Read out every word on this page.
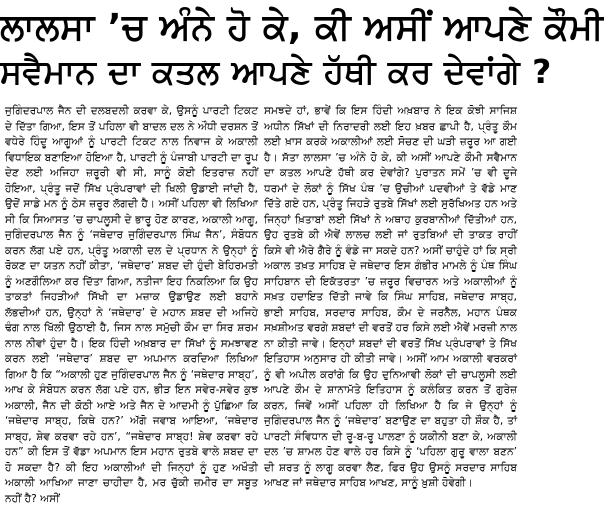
ਲਾਲਸਾ ’ਚ ਅੰਨੇ ਹੋ ਕੇ, ਕੀ ਅਸੀਂ ਆਪਣੇ ਕੌਮੀ
ਸਵੈਮਾਨ ਦਾ ਕਤਲ ਆਪਣੇ ਹੱਥੀ ਕਰ ਦੇਵਾਂਗੇ ?

ਜੁਗਿੰਦਰਪਾਲ ਜੈਨ ਦੀ ਦਲਬਦਲੀ ਕਰਵਾ ਕੇ, ਉਸਨੂੰ ਪਾਰਟੀ ਟਿਕਟ ਦੇ ਦਿੱਤਾ ਗਿਆ, ਇਸ ਤੋਂ ਪਹਿਲਾ ਵੀ ਬਾਦਲ ਦਲ ਨੇ ਔਧੀ ਦਰਸ਼ਨ ਤੋਂ ਵਧੇਰੇ ਹਿੰਦੂ ਆਗੂਆਂ ਨੂੰ ਪਾਰਟੀ ਟਿਕਟ ਨਾਲ ਨਿਵਾਜ ਕੇ ਅਕਾਲੀ ਵਿਧਾਇਕ ਬਣਾਇਆ ਹੋਇਆ ਹੈ, ਪਾਰਟੀ ਨੂੰ ਪੰਜਾਬੀ ਪਾਰਟੀ ਦਾ ਰੂਪ ਦੇਣ ਲਈ ਅਜਿਹਾ ਜ਼ਰੂਰੀ ਵੀ ਸੀ, ਸਾਨੂੰ ਕੋਈ ਇਤਰਾਜ਼ ਨਹੀਂ ਹੋਇਆ, ਪ੍ਰੰਤੂ ਜਦੋਂ ਸਿੱਖ ਪ੍ਰੰਪਰਾਵਾਂ ਦੀ ਖਿਲੀ ਉਡਾਈ ਜਾਂਦੀ ਹੈ, ਉਦੋਂ ਸਾਡੇ ਮਨ ਨੂੰ ਠੇਸ ਜ਼ਰੂਰ ਲੱਗਦੀ ਹੈ। ਅਸੀਂ ਪਹਿਲਾ ਵੀ ਲਿਖਿਆ ਸੀ ਕਿ ਸਿਆਸਤ ’ਚ ਚਾਪਲੂਸੀ ਦੇ ਭਾਰੂ ਹੋਣ ਕਾਰਣ, ਅਕਾਲੀ ਆਗੂ, ਜੁਗਿੰਦਰਪਾਲ ਜੈਨ ਨੂੰ ‘ਜਥੇਦਾਰ ਜੁਗਿੰਦਰਪਾਲ ਸਿੰਘ ਜੈਨ’, ਸੰਬੋਧਨ ਕਰਨ ਲੱਗ ਪਏ ਹਨ, ਪ੍ਰੰਤੂ ਅਕਾਲੀ ਦਲ ਦੇ ਪ੍ਰਧਾਨ ਨੇ ਉਨ੍ਹਾਂ ਨੂੰ ਰੋਕਣ ਦਾ ਯਤਨ ਨਹੀਂ ਕੀਤਾ, ‘ਜਥੇਦਾਰ’ ਸ਼ਬਦ ਦੀ ਹੁੰਦੀ ਬੇਹਿਰਮਤੀ ਨੂੰ ਅਣਗੌਲਿਆ ਕਰ ਦਿੱਤਾ ਗਿਆ, ਨਤੀਜਾ ਇਹ ਨਿਕਲਿਆ ਕਿ ਉਹ ਤਾਕਤਾਂ ਜਿਹੜੀਆਂ ਸਿੱਖੀ ਦਾ ਮਜ਼ਾਕ ਉਡਾਉਣ ਲਈ ਬਹਾਨੇ ਲੱਭਦੀਆਂ ਹਨ, ਉਨ੍ਹਾਂ ਨੇ ‘ਜਥੇਦਾਰ’ ਦੇ ਮਹਾਨ ਸ਼ਬਦ ਦੀ ਅਜਿਹੇ ਢੰਗ ਨਾਲ ਖਿੱਲੀ ਉਠਾਈ ਹੈ, ਜਿਸ ਨਾਲ ਸਮੁੱਚੀ ਕੌਮ ਦਾ ਸਿਰ ਸ਼ਰਮ ਨਾਲ ਨੀਵਾਂ ਹੁੰਦਾ ਹੈ। ਇਕ ਹਿੰਦੀ ਅਖ਼ਬਾਰ ਦਾ ਸਿੱਖਾਂ ਨੂੰ ਸਮਝਾਵਣ ਕਰਨ ਲਈ ‘ਜਥੇਦਾਰ’ ਸ਼ਬਦ ਦਾ ਅਪਮਾਨ ਕਰਦਿਆ ਲਿਖਿਆ ਗਿਆ ਹੈ ਕਿ “ਅਕਾਲੀ ਹੁਣ ਜੁਗਿੰਦਰਪਾਲ ਜੈਨ ਨੂੰ ‘ਜਥੇਦਾਰ ਸਾਬ੍ਹ’, ਆਖ ਕੇ ਸੰਬੋਧਨ ਕਰਨ ਲੱਗ ਪਏ ਹਨ, ਭੀੜ ਇਨ ਸਵੇਰ-ਸਵੇਰ ਕੁਝ ਅਕਾਲੀ, ਜੈਨ ਦੀ ਕੋਠੀ ਆਏ ਅਤੇ ਜੈਨ ਦੇ ਆਦਮੀ ਨੂੰ ਪੁੱਛਿਆ ਕਿ ‘ਜਥੇਦਾਰ ਸਾਬ੍ਹ, ਕਿਥੇ ਹਨ?’ ਅੱਗੋ ਜਵਾਬ ਆਇਆ, ‘ਜਥੇਦਾਰ ਸਾਬ੍ਹ, ਸ਼ੇਵ ਕਰਵਾ ਰਹੇ ਹਨ’, “ਜਥੇਦਾਰ ਸਾਬ੍ਹ! ਸ਼ੇਵ ਕਰਵਾ ਰਹੇ ਹਨ” ਕੀ ਇਸ ਤੋਂ ਵੱਡਾ ਅਪਮਾਨ ਇਸ ਮਹਾਨ ਰੁਤਬੇ ਵਾਲੇ ਸ਼ਬਦ ਦਾ ਹੋ ਸਕਦਾ ਹੈ? ਕੀ ਇਹ ਅਕਾਲੀਆਂ ਦੀ ਜਿਨ੍ਹਾਂ ਨੂੰ ਹੁਣ ਅਖੌਤੀ ਅਕਾਲੀ ਆਖਿਆ ਜਾਣਾ ਚਾਹੀਦਾ ਹੈ, ਮਰ ਚੁੱਕੀ ਜ਼ਮੀਰ ਦਾ ਸਬੂਤ ਨਹੀਂ ਹੈ? ਅਸੀਂ

ਸਮਝਦੇ ਹਾਂ, ਭਾਵੇਂ ਕਿ ਇਸ ਹਿੰਦੀ ਅਖ਼ਬਾਰ ਨੇ ਇਕ ਕੋਝੀ ਸਾਜਿਸ਼ ਅਧੀਨ ਸਿੱਖਾਂ ਦੀ ਨਿਰਾਦਰੀ ਲਈ ਇਹ ਖ਼ਬਰ ਛਾਪੀ ਹੈ, ਪ੍ਰੰਤੂ ਕੌਮ ਲਈ ਖ਼ਾਸ ਕਰਕੇ ਅਕਾਲੀਆਂ ਲਈ ਸੋਚਣ ਦੀ ਘੜੀ ਜ਼ਰੂਰ ਆ ਗਈ ਹੈ। ਸੱਤਾ ਲਾਲਸਾ ’ਚ ਅੰਨੇ ਹੋ ਕੇ, ਕੀ ਅਸੀਂ ਆਪਣੇ ਕੌਮੀ ਸਵੈਮਾਨ ਦਾ ਕਤਲ ਆਪਣੇ ਹੱਥੀ ਕਰ ਦੇਵਾਂਗੇ? ਪੁਰਾਤਨ ਸਮੇਂ ’ਚ ਵੀ ਦੂਜੇ ਧਰਮਾਂ ਦੇ ਲੋਕਾਂ ਨੂੰ ਸਿੱਖ ਪੰਥ ’ਚ ਉਚੀਆਂ ਪਦਵੀਆਂ ਤੇ ਵੱਡੇ ਮਾਣ ਦਿੱਤੇ ਗਏ ਹਨ, ਪ੍ਰੰਤੂ ਜਿਹੜੇ ਰੁਤਬੇ ਸਿੱਖਾਂ ਲਈ ਸੁਰੱਖਿਅਤ ਹਨ ਅਤੇ ਜਿਨ੍ਹਾਂ ਖ਼ਿਤਾਬਾਂ ਲਈ ਸਿੱਖਾਂ ਨੇ ਅਥਾਹ ਕੁਰਬਾਨੀਆਂ ਦਿੱਤੀਆਂ ਹਨ, ਉਹ ਰੁਤਬੇ ਕੀ ਐਵੇਂ ਲਾਲਚ ਲਈ ਜਾਂ ਰੁਤਬਿਆਂ ਦੀ ਤਾਕਤ ਰਾਹੀਂ ਕਿਸੇ ਵੀ ਐਰੇ ਗੈਰੇ ਨੂੰ ਵੰਡੇ ਜਾ ਸਕਦੇ ਹਨ? ਅਸੀਂ ਚਾਹੁੰਦੇ ਹਾਂ ਕਿ ਸ੍ਰੀ ਅਕਾਲ ਤਖ਼ਤ ਸਾਹਿਬ ਦੇ ਜਥੇਦਾਰ ਇਸ ਗੰਭੀਰ ਮਾਮਲੇ ਨੂੰ ਪੰਥ ਸਿੰਘ ਸਾਹਿਬਾਨ ਦੀ ਇਕੱਤਰਤਾ ’ਚ ਜ਼ਰੂਰ ਵਿਚਾਰਨ ਅਤੇ ਅਕਾਲੀਆਂ ਨੂੰ ਸਖ਼ਤ ਹਦਾਇਤ ਦਿੱਤੀ ਜਾਵੇ ਕਿ ਸਿੰਘ ਸਾਹਿਬ, ਜਥੇਦਾਰ ਸਾਬ੍ਹ, ਭਾਈ ਸਾਹਿਬ, ਸਰਦਾਰ ਸਾਹਿਬ, ਕੌਮ ਦੇ ਜਰਨੈਲ, ਮਹਾਨ ਪੰਥਕ ਸਖ਼ਸ਼ੀਅਤ ਵਰਗੇ ਸ਼ਬਦਾਂ ਦੀ ਵਰਤੋਂ ਹਰ ਕਿਸੇ ਲਈ ਐਵੇਂ ਮਰਜ਼ੀ ਨਾਲ ਨਾ ਕੀਤੀ ਜਾਵੇ। ਇਨ੍ਹਾਂ ਸ਼ਬਦਾਂ ਦੀ ਵਰਤੋਂ ਸਿੱਖ ਪ੍ਰੰਪਰਾਵਾਂ ਤੇ ਸਿੱਖ ਇਤਿਹਾਸ ਅਨੁਸਾਰ ਹੀ ਕੀਤੀ ਜਾਵੇ। ਅਸੀਂ ਆਮ ਅਕਾਲੀ ਵਰਕਰਾਂ ਨੂੰ ਵੀ ਅਪੀਲ ਕਰਾਂਗੇ ਕਿ ਉਹ ਦੁਨਿਆਵੀ ਲੋਕਾਂ ਦੀ ਚਾਪਲੂਸੀ ਲਈ ਆਪਣੇ ਕੌਮ ਦੇ ਸ਼ਾਨਾਮੱਤੇ ਇਤਿਹਾਸ ਨੂੰ ਕਲੰਕਿਤ ਕਰਨ ਤੋਂ ਗੁਰੇਜ਼ ਕਰਨ, ਜਿਵੇਂ ਅਸੀਂ ਪਹਿਲਾ ਹੀ ਲਿਖਿਆ ਹੈ ਕਿ ਜੇ ਉਨ੍ਹਾਂ ਨੂੰ ਜੁਗਿੰਦਰਪਾਲ ਜੈਨ ਨੂੰ ‘ਜਥੇਦਾਰ’ ਬਣਾਉਣ ਦਾ ਬਹੁਤਾ ਹੀ ਸ਼ੌਕ ਹੈ, ਤਾਂ ਪਾਰਟੀ ਸੰਵਿਧਾਨ ਦੀ ਰੂ-ਬ-ਰੂ ਪਾਲਣਾ ਨੂੰ ਯਕੀਨੀ ਬਣਾ ਕੇ, ਅਕਾਲੀ ਦਲ ’ਚ ਸ਼ਾਮਲ ਹੋਣ ਵਾਲੇ ਹਰ ਕਿਸੇ ਨੂੰ ‘ਪਹਿਲਾ ਗੁਰੂ ਵਾਲਾ ਬਣਨ’ ਦੀ ਸ਼ਰਤ ਨੂੰ ਲਾਗੂ ਕਰਵਾ ਲੈਣ, ਫਿਰ ਉਹ ਉਸਨੂੰ ਸਰਦਾਰ ਸਾਹਿਬ ਆਖਣ ਜਾਂ ਜਥੇਦਾਰ ਸਾਹਿਬ ਆਖਣ, ਸਾਨੂੰ ਖ਼ੁਸ਼ੀ ਹੋਵੇਗੀ।
